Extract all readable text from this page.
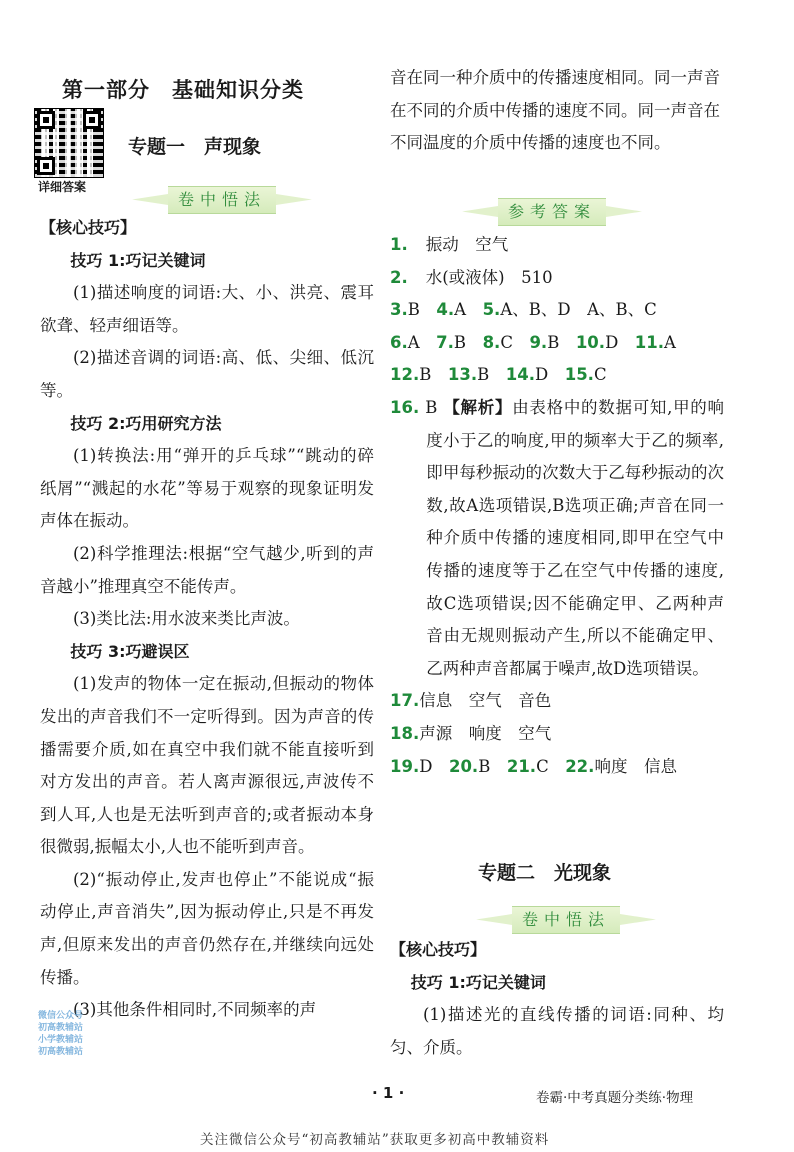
第一部分　基础知识分类
详细答案
专题一　声现象
卷中悟法

【核心技巧】

技巧 1:巧记关键词

(1)描述响度的词语:大、小、洪亮、震耳欲聋、轻声细语等。

(2)描述音调的词语:高、低、尖细、低沉等。

技巧 2:巧用研究方法

(1)转换法:用“弹开的乒乓球”“跳动的碎纸屑”“溅起的水花”等易于观察的现象证明发声体在振动。

(2)科学推理法:根据“空气越少,听到的声音越小”推理真空不能传声。

(3)类比法:用水波来类比声波。

技巧 3:巧避误区

(1)发声的物体一定在振动,但振动的物体发出的声音我们不一定听得到。因为声音的传播需要介质,如在真空中我们就不能直接听到对方发出的声音。若人离声源很远,声波传不到人耳,人也是无法听到声音的;或者振动本身很微弱,振幅太小,人也不能听到声音。

(2)“振动停止,发声也停止”不能说成“振动停止,声音消失”,因为振动停止,只是不再发声,但原来发出的声音仍然存在,并继续向远处传播。

(3)其他条件相同时,不同频率的声

微信公众号
初高教辅站
小学教辅站
初高教辅站

音在同一种介质中的传播速度相同。同一声音在不同的介质中传播的速度不同。同一声音在不同温度的介质中传播的速度也不同。

参考答案
1. 振动　空气
2. 水(或液体)　510
3.B　4.A　5.A、B、D　A、B、C
6.A　7.B　8.C　9.B　10.D　11.A
12.B　13.B　14.D　15.C
16. B 【解析】由表格中的数据可知,甲的响度小于乙的响度,甲的频率大于乙的频率,即甲每秒振动的次数大于乙每秒振动的次数,故A选项错误,B选项正确;声音在同一种介质中传播的速度相同,即甲在空气中传播的速度等于乙在空气中传播的速度,故C选项错误;因不能确定甲、乙两种声音由无规则振动产生,所以不能确定甲、乙两种声音都属于噪声,故D选项错误。
17.信息　空气　音色
18.声源　响度　空气
19.D　20.B　21.C　22.响度　信息
专题二　光现象
卷中悟法

【核心技巧】

技巧 1:巧记关键词

(1)描述光的直线传播的词语:同种、均匀、介质。

· 1 ·	卷霸·中考真题分类练·物理
关注微信公众号“初高教辅站”获取更多初高中教辅资料
